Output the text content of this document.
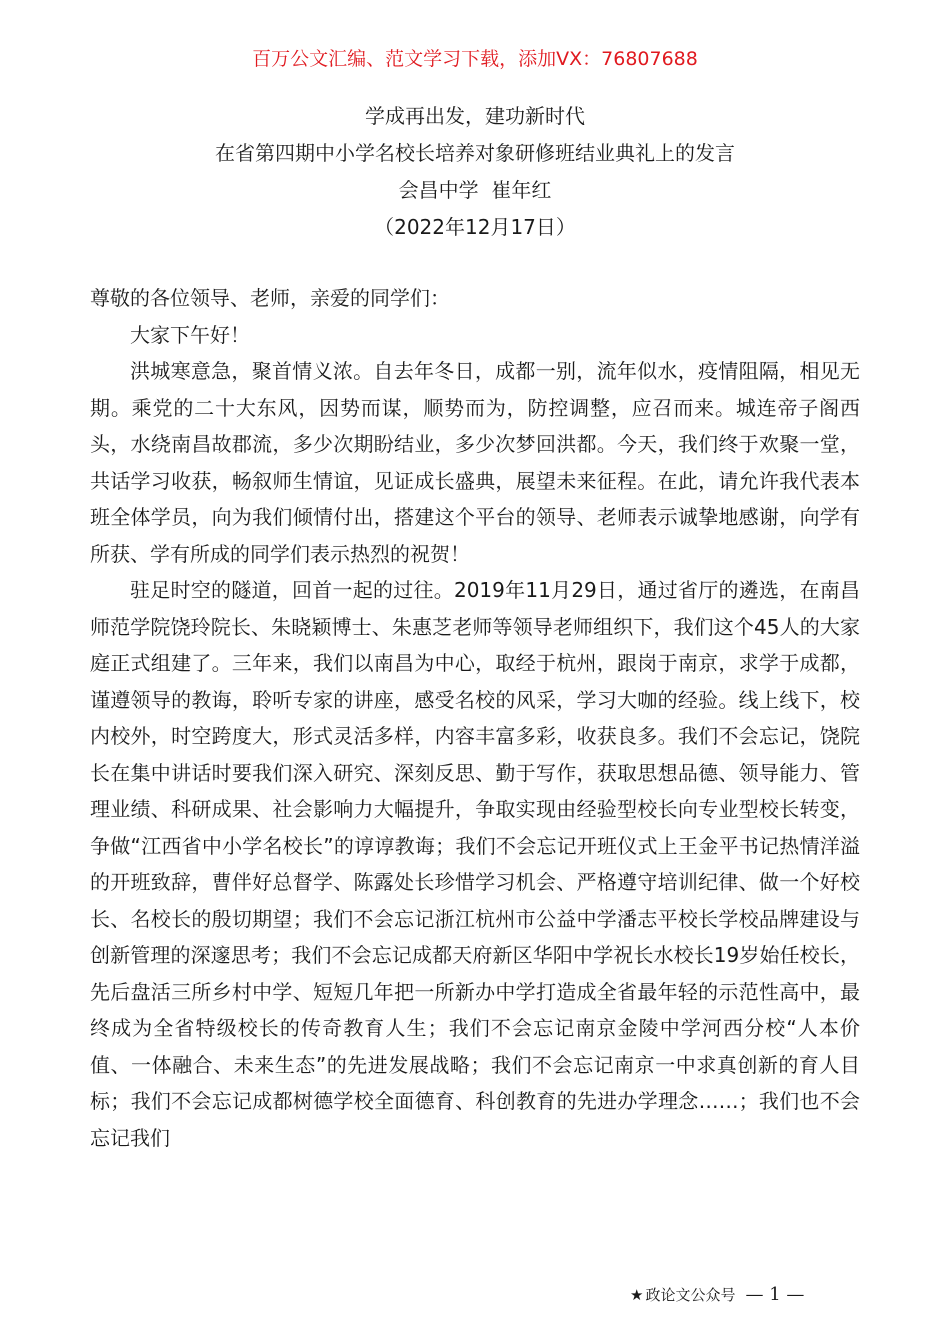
百万公文汇编、范文学习下载，添加VX：76807688
学成再出发，建功新时代
在省第四期中小学名校长培养对象研修班结业典礼上的发言
会昌中学  崔年红
（2022年12月17日）

尊敬的各位领导、老师，亲爱的同学们：

大家下午好！

洪城寒意急，聚首情义浓。自去年冬日，成都一别，流年似水，疫情阻隔，相见无期。乘党的二十大东风，因势而谋，顺势而为，防控调整，应召而来。城连帝子阁西头，水绕南昌故郡流，多少次期盼结业，多少次梦回洪都。今天，我们终于欢聚一堂，共话学习收获，畅叙师生情谊，见证成长盛典，展望未来征程。在此，请允许我代表本班全体学员，向为我们倾情付出，搭建这个平台的领导、老师表示诚挚地感谢，向学有所获、学有所成的同学们表示热烈的祝贺！

驻足时空的隧道，回首一起的过往。2019年11月29日，通过省厅的遴选，在南昌师范学院饶玲院长、朱晓颖博士、朱惠芝老师等领导老师组织下，我们这个45人的大家庭正式组建了。三年来，我们以南昌为中心，取经于杭州，跟岗于南京，求学于成都，谨遵领导的教诲，聆听专家的讲座，感受名校的风采，学习大咖的经验。线上线下，校内校外，时空跨度大，形式灵活多样，内容丰富多彩，收获良多。我们不会忘记，饶院长在集中讲话时要我们深入研究、深刻反思、勤于写作，获取思想品德、领导能力、管理业绩、科研成果、社会影响力大幅提升，争取实现由经验型校长向专业型校长转变，争做“江西省中小学名校长”的谆谆教诲；我们不会忘记开班仪式上王金平书记热情洋溢的开班致辞，曹伴好总督学、陈露处长珍惜学习机会、严格遵守培训纪律、做一个好校长、名校长的殷切期望；我们不会忘记浙江杭州市公益中学潘志平校长学校品牌建设与创新管理的深邃思考；我们不会忘记成都天府新区华阳中学祝长水校长19岁始任校长，先后盘活三所乡村中学、短短几年把一所新办中学打造成全省最年轻的示范性高中，最终成为全省特级校长的传奇教育人生；我们不会忘记南京金陵中学河西分校“人本价值、一体融合、未来生态”的先进发展战略；我们不会忘记南京一中求真创新的育人目标；我们不会忘记成都树德学校全面德育、科创教育的先进办学理念……；我们也不会忘记我们

★ 政论文公众号 — 1 —
